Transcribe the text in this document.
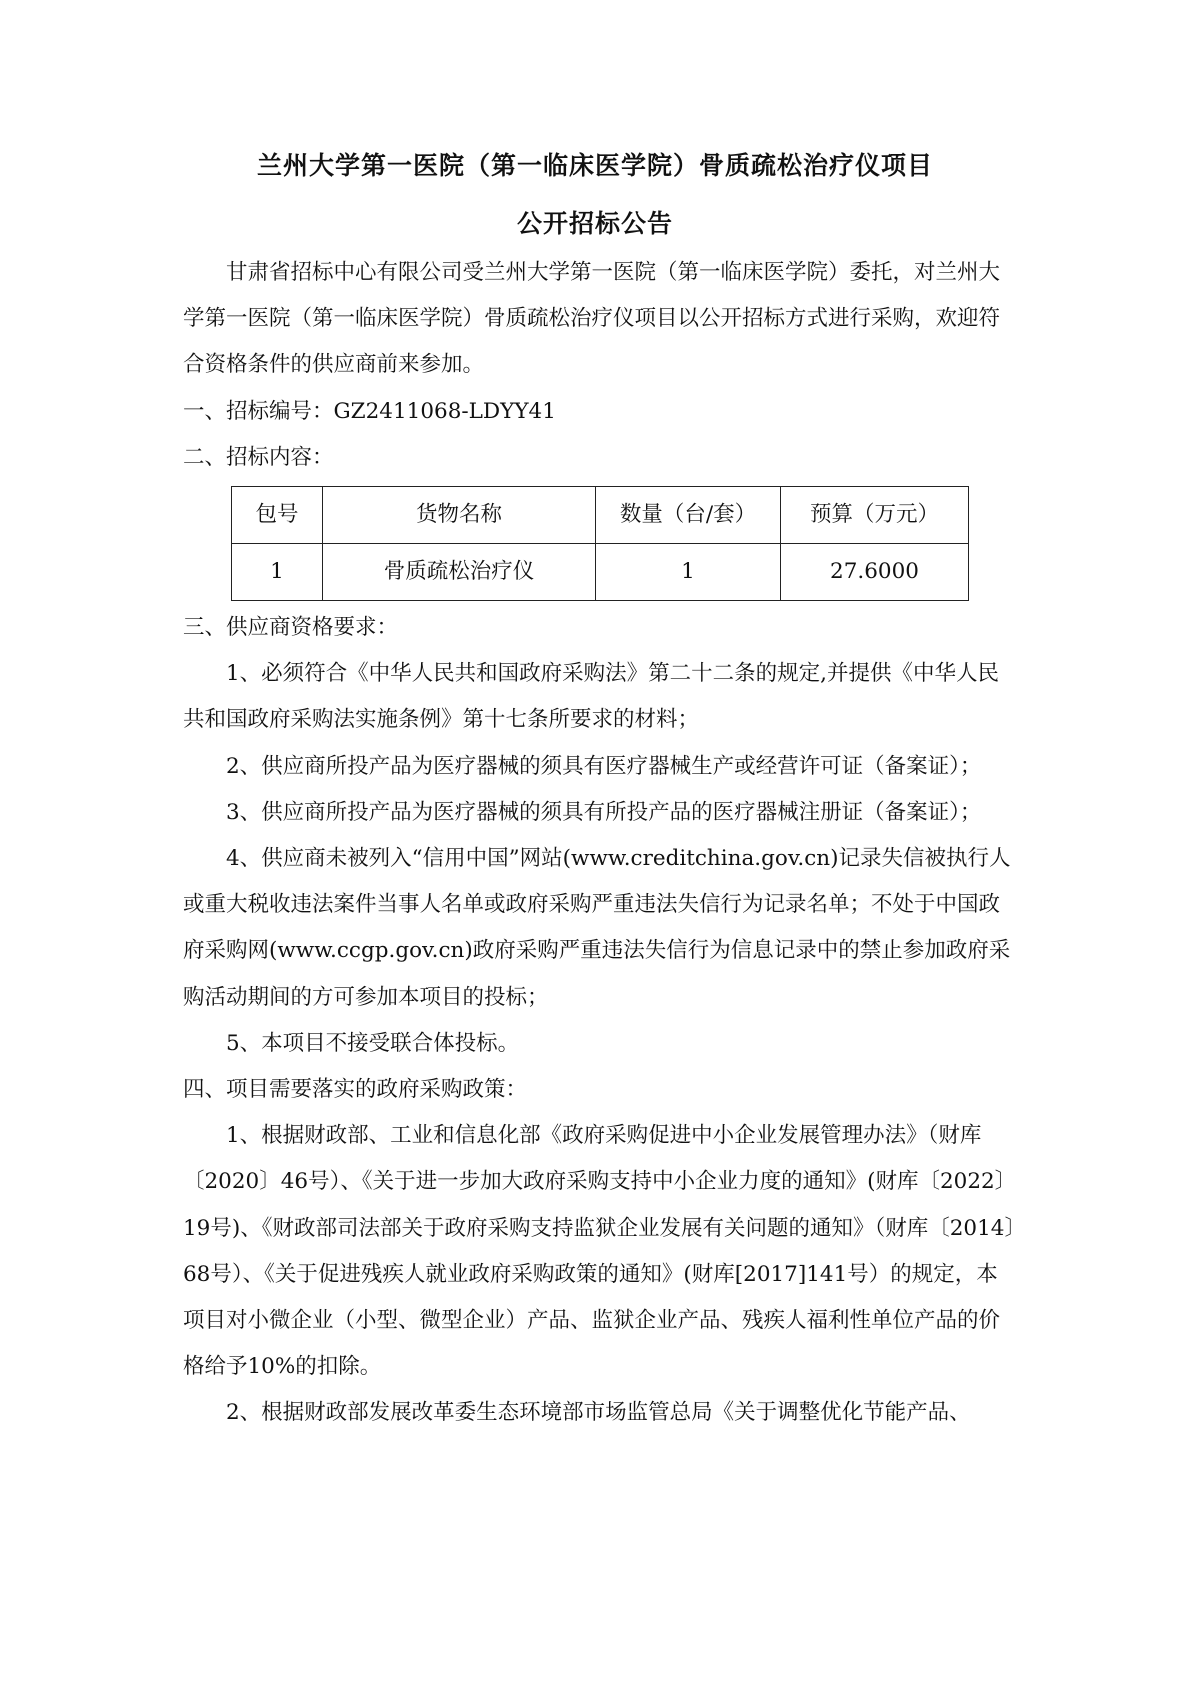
兰州大学第一医院（第一临床医学院）骨质疏松治疗仪项目
公开招标公告

甘肃省招标中心有限公司受兰州大学第一医院（第一临床医学院）委托，对兰州大学第一医院（第一临床医学院）骨质疏松治疗仪项目以公开招标方式进行采购，欢迎符合资格条件的供应商前来参加。

一、招标编号：GZ2411068-LDYY41

二、招标内容：

包号	货物名称	数量（台/套）	预算（万元）
1	骨质疏松治疗仪	1	27.6000

三、供应商资格要求：

1、必须符合《中华人民共和国政府采购法》第二十二条的规定,并提供《中华人民共和国政府采购法实施条例》第十七条所要求的材料；

2、供应商所投产品为医疗器械的须具有医疗器械生产或经营许可证（备案证）；

3、供应商所投产品为医疗器械的须具有所投产品的医疗器械注册证（备案证）；

4、供应商未被列入“信用中国”网站(www.creditchina.gov.cn)记录失信被执行人或重大税收违法案件当事人名单或政府采购严重违法失信行为记录名单；不处于中国政府采购网(www.ccgp.gov.cn)政府采购严重违法失信行为信息记录中的禁止参加政府采购活动期间的方可参加本项目的投标；

5、本项目不接受联合体投标。

四、项目需要落实的政府采购政策：

1、根据财政部、工业和信息化部《政府采购促进中小企业发展管理办法》（财库〔2020〕46号）、《关于进一步加大政府采购支持中小企业力度的通知》(财库〔2022〕19号)、《财政部司法部关于政府采购支持监狱企业发展有关问题的通知》（财库〔2014〕68号）、《关于促进残疾人就业政府采购政策的通知》(财库[2017]141号）的规定，本项目对小微企业（小型、微型企业）产品、监狱企业产品、残疾人福利性单位产品的价格给予10%的扣除。

2、根据财政部发展改革委生态环境部市场监管总局《关于调整优化节能产品、
